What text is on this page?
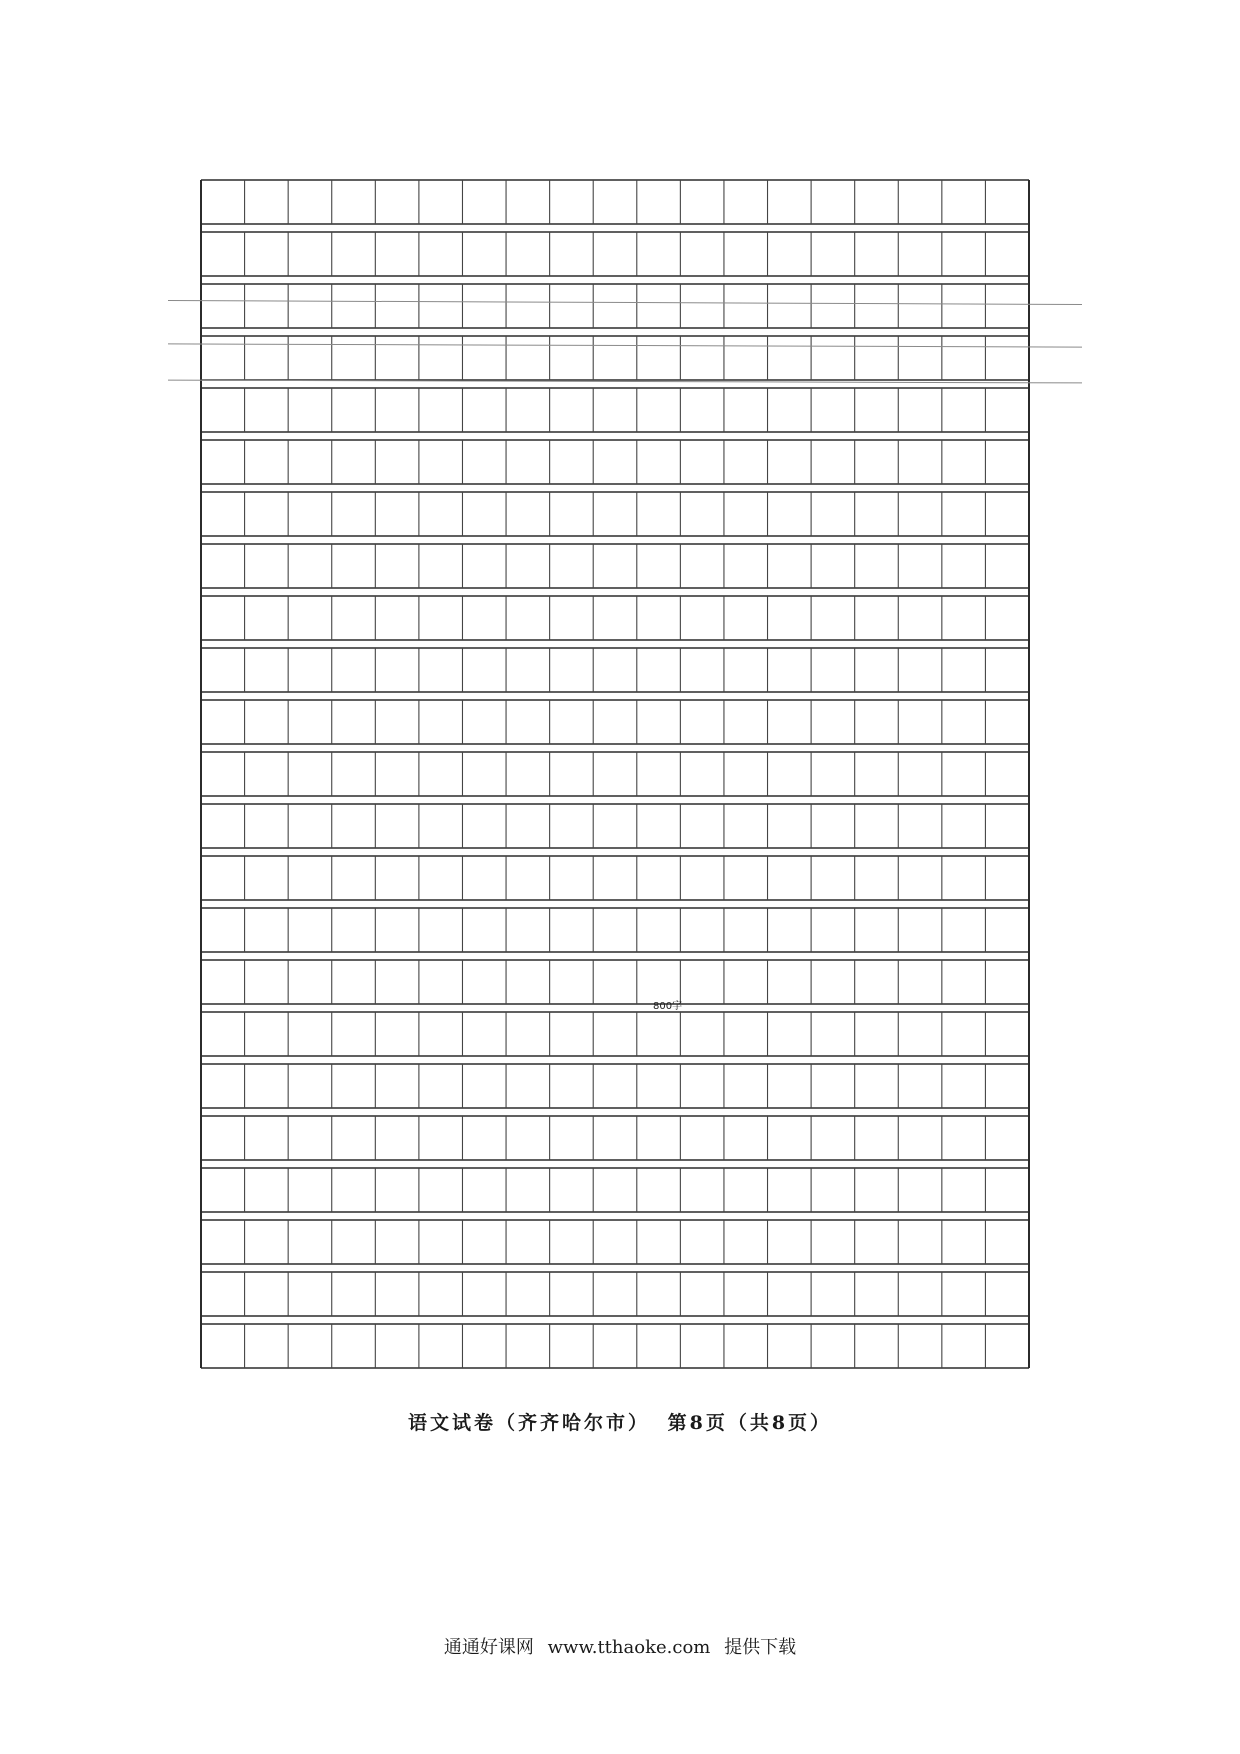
800字
语文试卷（齐齐哈尔市） 第8页（共8页）
通通好课网 www.tthaoke.com 提供下载
